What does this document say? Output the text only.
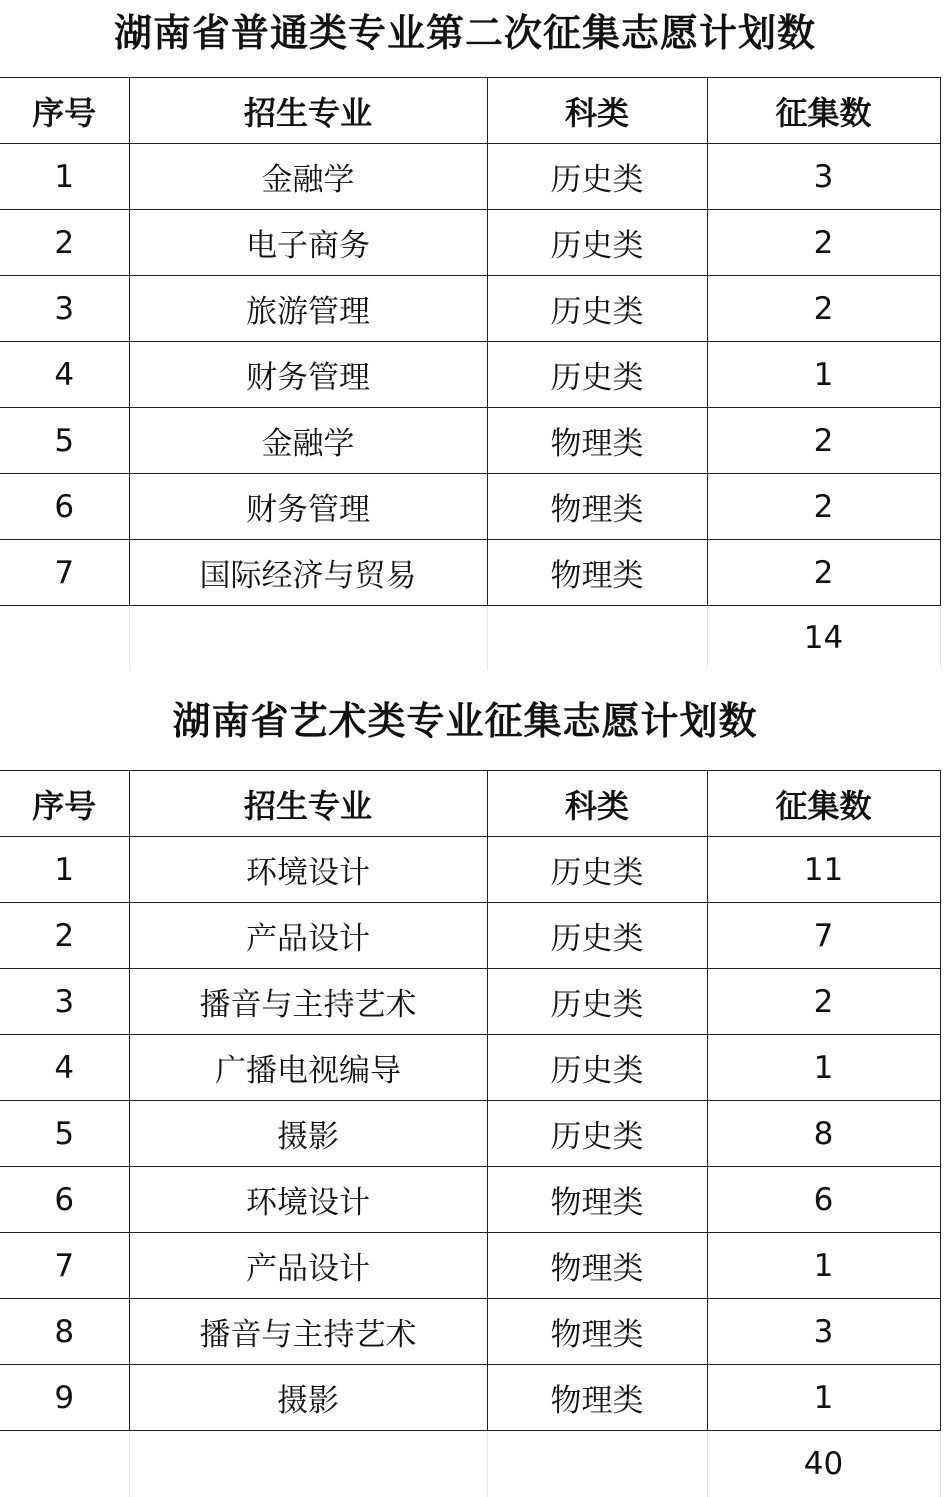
湖南省普通类专业第二次征集志愿计划数
序号	招生专业	科类	征集数
1	金融学	历史类	3
2	电子商务	历史类	2
3	旅游管理	历史类	2
4	财务管理	历史类	1
5	金融学	物理类	2
6	财务管理	物理类	2
7	国际经济与贸易	物理类	2
			14
湖南省艺术类专业征集志愿计划数
序号	招生专业	科类	征集数
1	环境设计	历史类	11
2	产品设计	历史类	7
3	播音与主持艺术	历史类	2
4	广播电视编导	历史类	1
5	摄影	历史类	8
6	环境设计	物理类	6
7	产品设计	物理类	1
8	播音与主持艺术	物理类	3
9	摄影	物理类	1
			40
